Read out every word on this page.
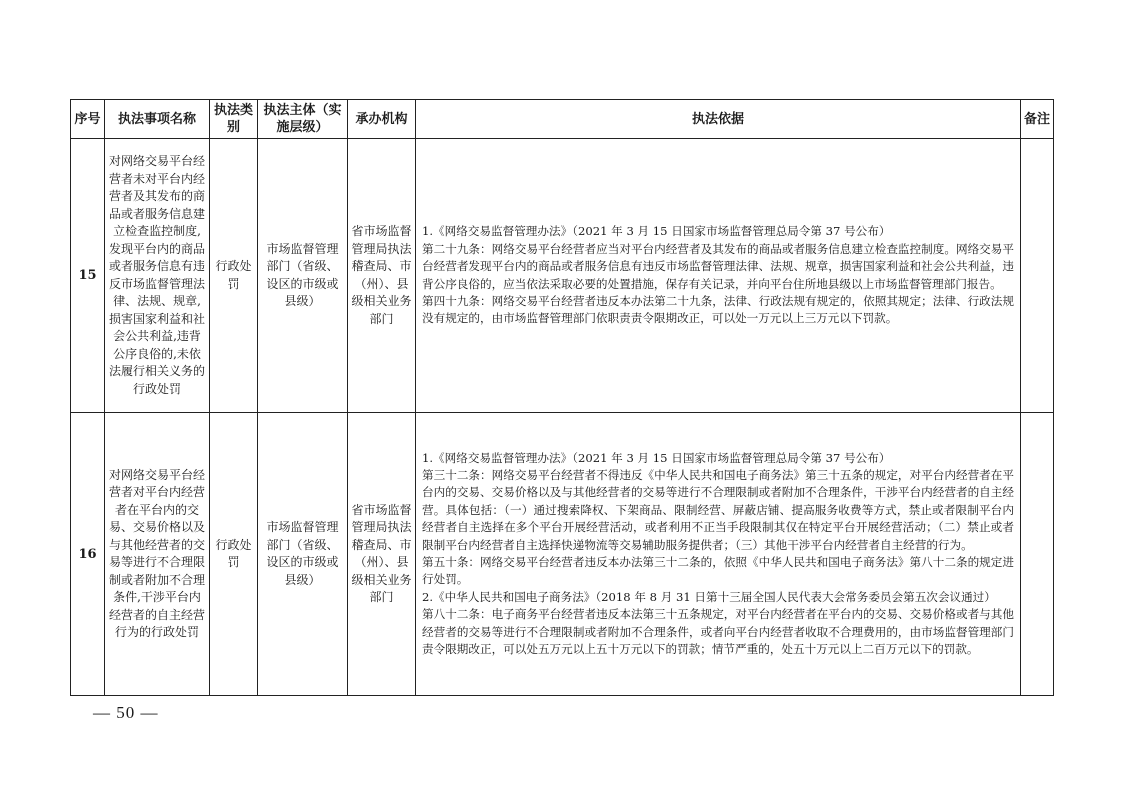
序号	执法事项名称	执法类别	执法主体（实施层级）	承办机构	执法依据	备注
15	对网络交易平台经营者未对平台内经营者及其发布的商品或者服务信息建立检查监控制度,发现平台内的商品或者服务信息有违反市场监督管理法律、法规、规章,损害国家利益和社会公共利益,违背公序良俗的,未依法履行相关义务的行政处罚	行政处罚	市场监督管理部门（省级、设区的市级或县级）	省市场监督管理局执法稽查局、市（州）、县级相关业务部门	1.《网络交易监督管理办法》（2021 年 3 月 15 日国家市场监督管理总局令第 37 号公布）

第二十九条：网络交易平台经营者应当对平台内经营者及其发布的商品或者服务信息建立检查监控制度。网络交易平台经营者发现平台内的商品或者服务信息有违反市场监督管理法律、法规、规章，损害国家利益和社会公共利益，违背公序良俗的，应当依法采取必要的处置措施，保存有关记录，并向平台住所地县级以上市场监督管理部门报告。

第四十九条：网络交易平台经营者违反本办法第二十九条，法律、行政法规有规定的，依照其规定；法律、行政法规没有规定的，由市场监督管理部门依职责责令限期改正，可以处一万元以上三万元以下罚款。	

16	对网络交易平台经营者对平台内经营者在平台内的交易、交易价格以及与其他经营者的交易等进行不合理限制或者附加不合理条件,干涉平台内经营者的自主经营行为的行政处罚	行政处罚	市场监督管理部门（省级、设区的市级或县级）	省市场监督管理局执法稽查局、市（州）、县级相关业务部门	1.《网络交易监督管理办法》（2021 年 3 月 15 日国家市场监督管理总局令第 37 号公布）

第三十二条：网络交易平台经营者不得违反《中华人民共和国电子商务法》第三十五条的规定，对平台内经营者在平台内的交易、交易价格以及与其他经营者的交易等进行不合理限制或者附加不合理条件，干涉平台内经营者的自主经营。具体包括：（一）通过搜索降权、下架商品、限制经营、屏蔽店铺、提高服务收费等方式，禁止或者限制平台内经营者自主选择在多个平台开展经营活动，或者利用不正当手段限制其仅在特定平台开展经营活动；（二）禁止或者限制平台内经营者自主选择快递物流等交易辅助服务提供者；（三）其他干涉平台内经营者自主经营的行为。

第五十条：网络交易平台经营者违反本办法第三十二条的，依照《中华人民共和国电子商务法》第八十二条的规定进行处罚。

2.《中华人民共和国电子商务法》（2018 年 8 月 31 日第十三届全国人民代表大会常务委员会第五次会议通过）

第八十二条：电子商务平台经营者违反本法第三十五条规定，对平台内经营者在平台内的交易、交易价格或者与其他经营者的交易等进行不合理限制或者附加不合理条件，或者向平台内经营者收取不合理费用的，由市场监督管理部门责令限期改正，可以处五万元以上五十万元以下的罚款；情节严重的，处五十万元以上二百万元以下的罚款。	

— 50 —
